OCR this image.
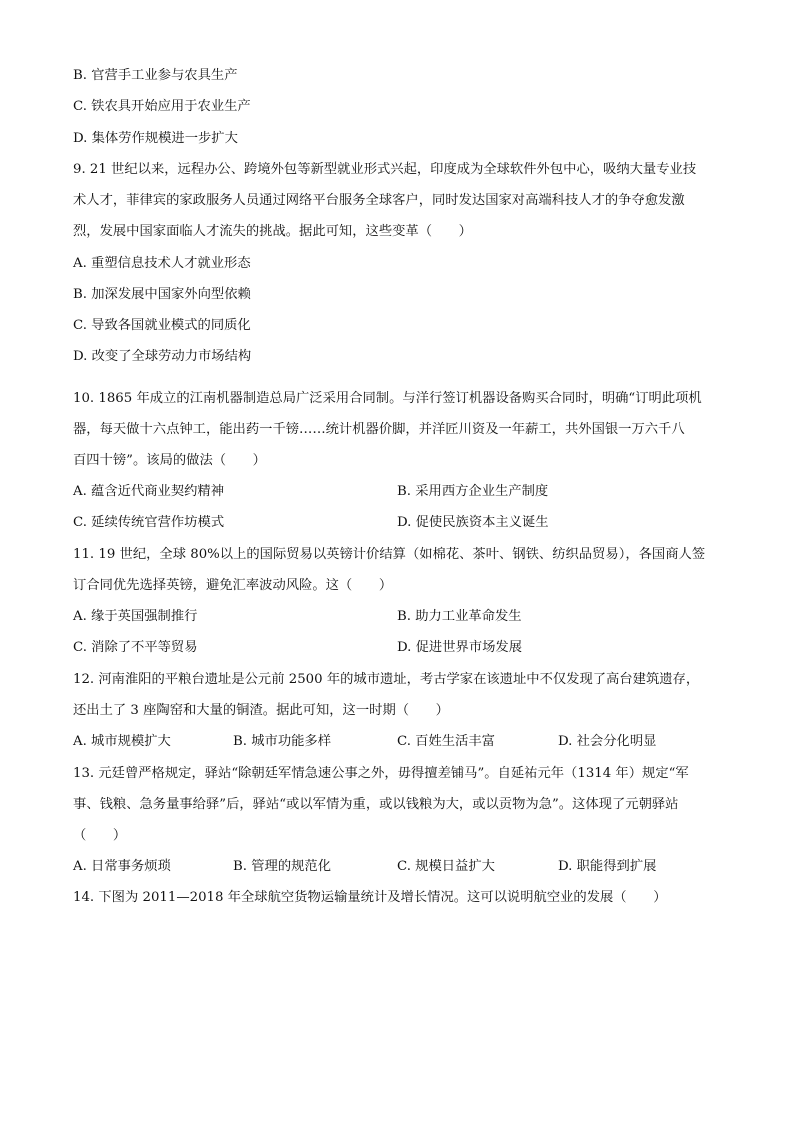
B. 官营手工业参与农具生产
C. 铁农具开始应用于农业生产
D. 集体劳作规模进一步扩大
9. 21 世纪以来，远程办公、跨境外包等新型就业形式兴起，印度成为全球软件外包中心，吸纳大量专业技
术人才，菲律宾的家政服务人员通过网络平台服务全球客户，同时发达国家对高端科技人才的争夺愈发激
烈，发展中国家面临人才流失的挑战。据此可知，这些变革（　　）
A. 重塑信息技术人才就业形态
B. 加深发展中国家外向型依赖
C. 导致各国就业模式的同质化
D. 改变了全球劳动力市场结构
10. 1865 年成立的江南机器制造总局广泛采用合同制。与洋行签订机器设备购买合同时，明确“订明此项机
器，每天做十六点钟工，能出药一千镑……统计机器价脚，并洋匠川资及一年薪工，共外国银一万六千八
百四十镑”。该局的做法（　　）
A. 蕴含近代商业契约精神	B. 采用西方企业生产制度
C. 延续传统官营作坊模式	D. 促使民族资本主义诞生
11. 19 世纪，全球 80%以上的国际贸易以英镑计价结算（如棉花、茶叶、钢铁、纺织品贸易），各国商人签
订合同优先选择英镑，避免汇率波动风险。这（　　）
A. 缘于英国强制推行	B. 助力工业革命发生
C. 消除了不平等贸易	D. 促进世界市场发展
12. 河南淮阳的平粮台遗址是公元前 2500 年的城市遗址，考古学家在该遗址中不仅发现了高台建筑遗存，
还出土了 3 座陶窑和大量的铜渣。据此可知，这一时期（　　）
A. 城市规模扩大	B. 城市功能多样	C. 百姓生活丰富	D. 社会分化明显
13. 元廷曾严格规定，驿站“除朝廷军情急速公事之外，毋得擅差铺马”。自延祐元年（1314 年）规定“军
事、钱粮、急务量事给驿”后，驿站“或以军情为重，或以钱粮为大，或以贡物为急”。这体现了元朝驿站
（　　）
A. 日常事务烦琐	B. 管理的规范化	C. 规模日益扩大	D. 职能得到扩展
14. 下图为 2011—2018 年全球航空货物运输量统计及增长情况。这可以说明航空业的发展（　　）
